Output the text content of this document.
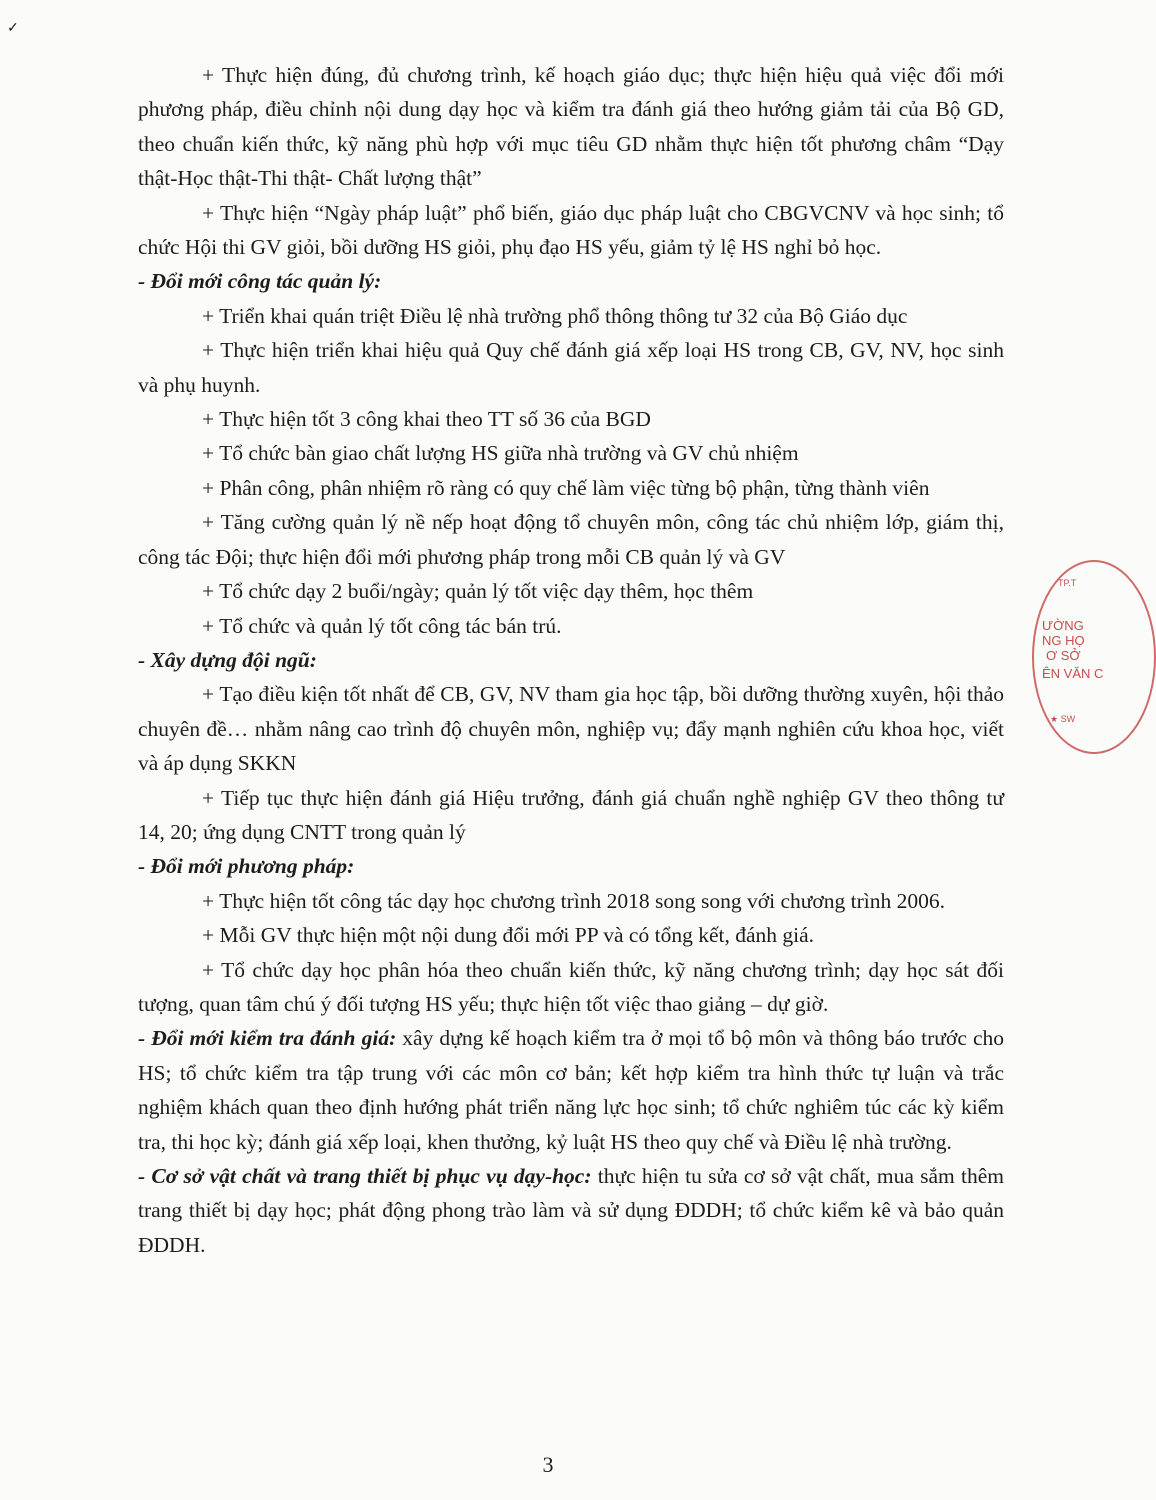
✓

+ Thực hiện đúng, đủ chương trình, kế hoạch giáo dục; thực hiện hiệu quả việc đổi mới phương pháp, điều chỉnh nội dung dạy học và kiểm tra đánh giá theo hướng giảm tải của Bộ GD, theo chuẩn kiến thức, kỹ năng phù hợp với mục tiêu GD nhằm thực hiện tốt phương châm “Dạy thật-Học thật-Thi thật- Chất lượng thật”

+ Thực hiện “Ngày pháp luật” phổ biến, giáo dục pháp luật cho CBGVCNV và học sinh; tổ chức Hội thi GV giỏi, bồi dưỡng HS giỏi, phụ đạo HS yếu, giảm tỷ lệ HS nghỉ bỏ học.

- Đổi mới công tác quản lý:

+ Triển khai quán triệt Điều lệ nhà trường phổ thông thông tư 32 của Bộ Giáo dục

+ Thực hiện triển khai hiệu quả Quy chế đánh giá xếp loại HS trong CB, GV, NV, học sinh và phụ huynh.

+ Thực hiện tốt 3 công khai theo TT số 36 của BGD

+ Tổ chức bàn giao chất lượng HS giữa nhà trường và GV chủ nhiệm

+ Phân công, phân nhiệm rõ ràng có quy chế làm việc từng bộ phận, từng thành viên

+ Tăng cường quản lý nề nếp hoạt động tổ chuyên môn, công tác chủ nhiệm lớp, giám thị, công tác Đội; thực hiện đổi mới phương pháp trong mỗi CB quản lý và GV

+ Tổ chức dạy 2 buổi/ngày; quản lý tốt việc dạy thêm, học thêm

+ Tổ chức và quản lý tốt công tác bán trú.

- Xây dựng đội ngũ:

+ Tạo điều kiện tốt nhất để CB, GV, NV tham gia học tập, bồi dưỡng thường xuyên, hội thảo chuyên đề… nhằm nâng cao trình độ chuyên môn, nghiệp vụ; đẩy mạnh nghiên cứu khoa học, viết và áp dụng SKKN

+ Tiếp tục thực hiện đánh giá Hiệu trưởng, đánh giá chuẩn nghề nghiệp GV theo thông tư 14, 20; ứng dụng CNTT trong quản lý

- Đổi mới phương pháp:

+ Thực hiện tốt công tác dạy học chương trình 2018 song song với chương trình 2006.

+ Mỗi GV thực hiện một nội dung đổi mới PP và có tổng kết, đánh giá.

+ Tổ chức dạy học phân hóa theo chuẩn kiến thức, kỹ năng chương trình; dạy học sát đối tượng, quan tâm chú ý đối tượng HS yếu; thực hiện tốt việc thao giảng – dự giờ.

- Đổi mới kiểm tra đánh giá: xây dựng kế hoạch kiểm tra ở mọi tổ bộ môn và thông báo trước cho HS; tổ chức kiểm tra tập trung với các môn cơ bản; kết hợp kiểm tra hình thức tự luận và trắc nghiệm khách quan theo định hướng phát triển năng lực học sinh; tổ chức nghiêm túc các kỳ kiểm tra, thi học kỳ; đánh giá xếp loại, khen thưởng, kỷ luật HS theo quy chế và Điều lệ nhà trường.

- Cơ sở vật chất và trang thiết bị phục vụ dạy-học: thực hiện tu sửa cơ sở vật chất, mua sắm thêm trang thiết bị dạy học; phát động phong trào làm và sử dụng ĐDDH; tổ chức kiểm kê và bảo quản ĐDDH.

TP.T
ƯỜNG
NG HỌ
Ơ SỞ
ÊN VĂN C
★ SW
3
